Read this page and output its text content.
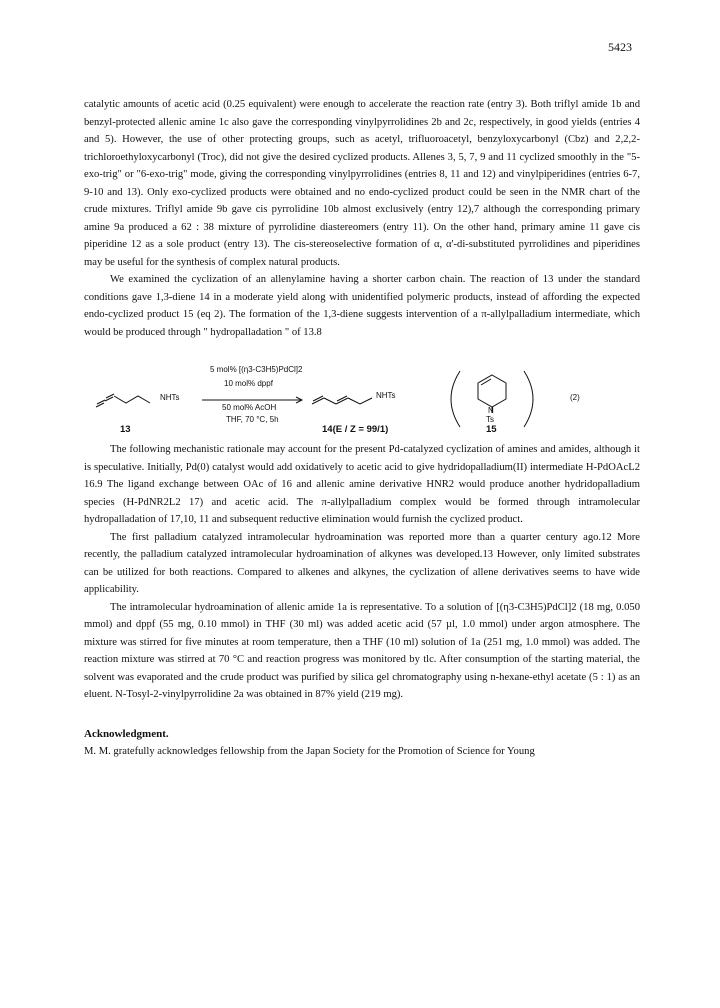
5423

catalytic amounts of acetic acid (0.25 equivalent) were enough to accelerate the reaction rate (entry 3). Both triflyl amide 1b and benzyl-protected allenic amine 1c also gave the corresponding vinylpyrrolidines 2b and 2c, respectively, in good yields (entries 4 and 5). However, the use of other protecting groups, such as acetyl, trifluoroacetyl, benzyloxycarbonyl (Cbz) and 2,2,2-trichloroethyloxycarbonyl (Troc), did not give the desired cyclized products. Allenes 3, 5, 7, 9 and 11 cyclized smoothly in the "5-exo-trig" or "6-exo-trig" mode, giving the corresponding vinylpyrrolidines (entries 8, 11 and 12) and vinylpiperidines (entries 6-7, 9-10 and 13). Only exo-cyclized products were obtained and no endo-cyclized product could be seen in the NMR chart of the crude mixtures. Triflyl amide 9b gave cis pyrrolidine 10b almost exclusively (entry 12),7 although the corresponding primary amine 9a produced a 62 : 38 mixture of pyrrolidine diastereomers (entry 11). On the other hand, primary amine 11 gave cis piperidine 12 as a sole product (entry 13). The cis-stereoselective formation of α, α'-di-substituted pyrrolidines and piperidines may be useful for the synthesis of complex natural products.

We examined the cyclization of an allenylamine having a shorter carbon chain. The reaction of 13 under the standard conditions gave 1,3-diene 14 in a moderate yield along with unidentified polymeric products, instead of affording the expected endo-cyclized product 15 (eq 2). The formation of the 1,3-diene suggests intervention of a π-allylpalladium intermediate, which would be produced through " hydropalladation " of 13.8

NHTs
5 mol% [(η3-C3H5)PdCl]2
10 mol% dppf
50 mol% AcOH
THF, 70 °C, 5h
NHTs
N
Ts
(2)
13	14(E / Z = 99/1)	15

The following mechanistic rationale may account for the present Pd-catalyzed cyclization of amines and amides, although it is speculative. Initially, Pd(0) catalyst would add oxidatively to acetic acid to give hydridopalladium(II) intermediate H-PdOAcL2 16.9 The ligand exchange between OAc of 16 and allenic amine derivative HNR2 would produce another hydridopalladium species (H-PdNR2L2 17) and acetic acid. The π-allylpalladium complex would be formed through intramolecular hydropalladation of 17,10, 11 and subsequent reductive elimination would furnish the cyclized product.

The first palladium catalyzed intramolecular hydroamination was reported more than a quarter century ago.12 More recently, the palladium catalyzed intramolecular hydroamination of alkynes was developed.13 However, only limited substrates can be utilized for both reactions. Compared to alkenes and alkynes, the cyclization of allene derivatives seems to have wide applicability.

The intramolecular hydroamination of allenic amide 1a is representative. To a solution of [(η3-C3H5)PdCl]2 (18 mg, 0.050 mmol) and dppf (55 mg, 0.10 mmol) in THF (30 ml) was added acetic acid (57 µl, 1.0 mmol) under argon atmosphere. The mixture was stirred for five minutes at room temperature, then a THF (10 ml) solution of 1a (251 mg, 1.0 mmol) was added. The reaction mixture was stirred at 70 °C and reaction progress was monitored by tlc. After consumption of the starting material, the solvent was evaporated and the crude product was purified by silica gel chromatography using n-hexane-ethyl acetate (5 : 1) as an eluent. N-Tosyl-2-vinylpyrrolidine 2a was obtained in 87% yield (219 mg).

Acknowledgment.

M. M. gratefully acknowledges fellowship from the Japan Society for the Promotion of Science for Young
